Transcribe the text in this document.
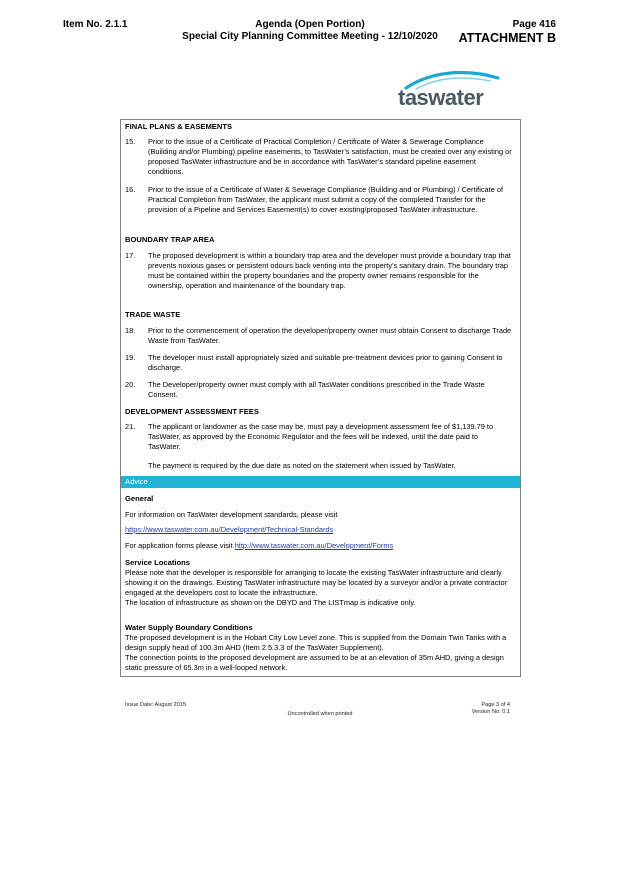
Item No. 2.1.1	Agenda (Open Portion)
Special City Planning Committee Meeting - 12/10/2020
Page 416
ATTACHMENT B
taswater
FINAL PLANS & EASEMENTS
15. Prior to the issue of a Certificate of Practical Completion / Certificate of Water & Sewerage Compliance (Building and/or Plumbing) pipeline easements, to TasWater’s satisfaction, must be created over any existing or proposed TasWater infrastructure and be in accordance with TasWater’s standard pipeline easement conditions.
16. Prior to the issue of a Certificate of Water & Sewerage Compliance (Building and or Plumbing) / Certificate of Practical Completion from TasWater, the applicant must submit a copy of the completed Transfer for the provision of a Pipeline and Services Easement(s) to cover existing/proposed TasWater infrastructure.
BOUNDARY TRAP AREA
17. The proposed development is within a boundary trap area and the developer must provide a boundary trap that prevents noxious gases or persistent odours back venting into the property’s sanitary drain. The boundary trap must be contained within the property boundaries and the property owner remains responsible for the ownership, operation and maintenance of the boundary trap.
TRADE WASTE
18. Prior to the commencement of operation the developer/property owner must obtain Consent to discharge Trade Waste from TasWater.
19. The developer must install appropriately sized and suitable pre-treatment devices prior to gaining Consent to discharge.
20. The Developer/property owner must comply with all TasWater conditions prescribed in the Trade Waste Consent.
DEVELOPMENT ASSESSMENT FEES
21. The applicant or landowner as the case may be, must pay a development assessment fee of $1,139.79 to TasWater, as approved by the Economic Regulator and the fees will be indexed, until the date paid to TasWater.
The payment is required by the due date as noted on the statement when issued by TasWater.
Advice
General
For information on TasWater development standards, please visit
https://www.taswater.com.au/Development/Technical-Standards
For application forms please visit http://www.taswater.com.au/Development/Forms
Service Locations
Please note that the developer is responsible for arranging to locate the existing TasWater infrastructure and clearly showing it on the drawings. Existing TasWater infrastructure may be located by a surveyor and/or a private contractor engaged at the developers cost to locate the infrastructure.
The location of infrastructure as shown on the DBYD and The LISTmap is indicative only.
Water Supply Boundary Conditions
The proposed development is in the Hobart City Low Level zone. This is supplied from the Domain Twin Tanks with a design supply head of 100.3m AHD (Item 2.5.3.3 of the TasWater Supplement).
The connection points to the proposed development are assumed to be at an elevation of 35m AHD, giving a design static pressure of 65.3m in a well-looped network.
Issue Date: August 2015
Uncontrolled when printed
Page 3 of 4
Version No: 0.1
